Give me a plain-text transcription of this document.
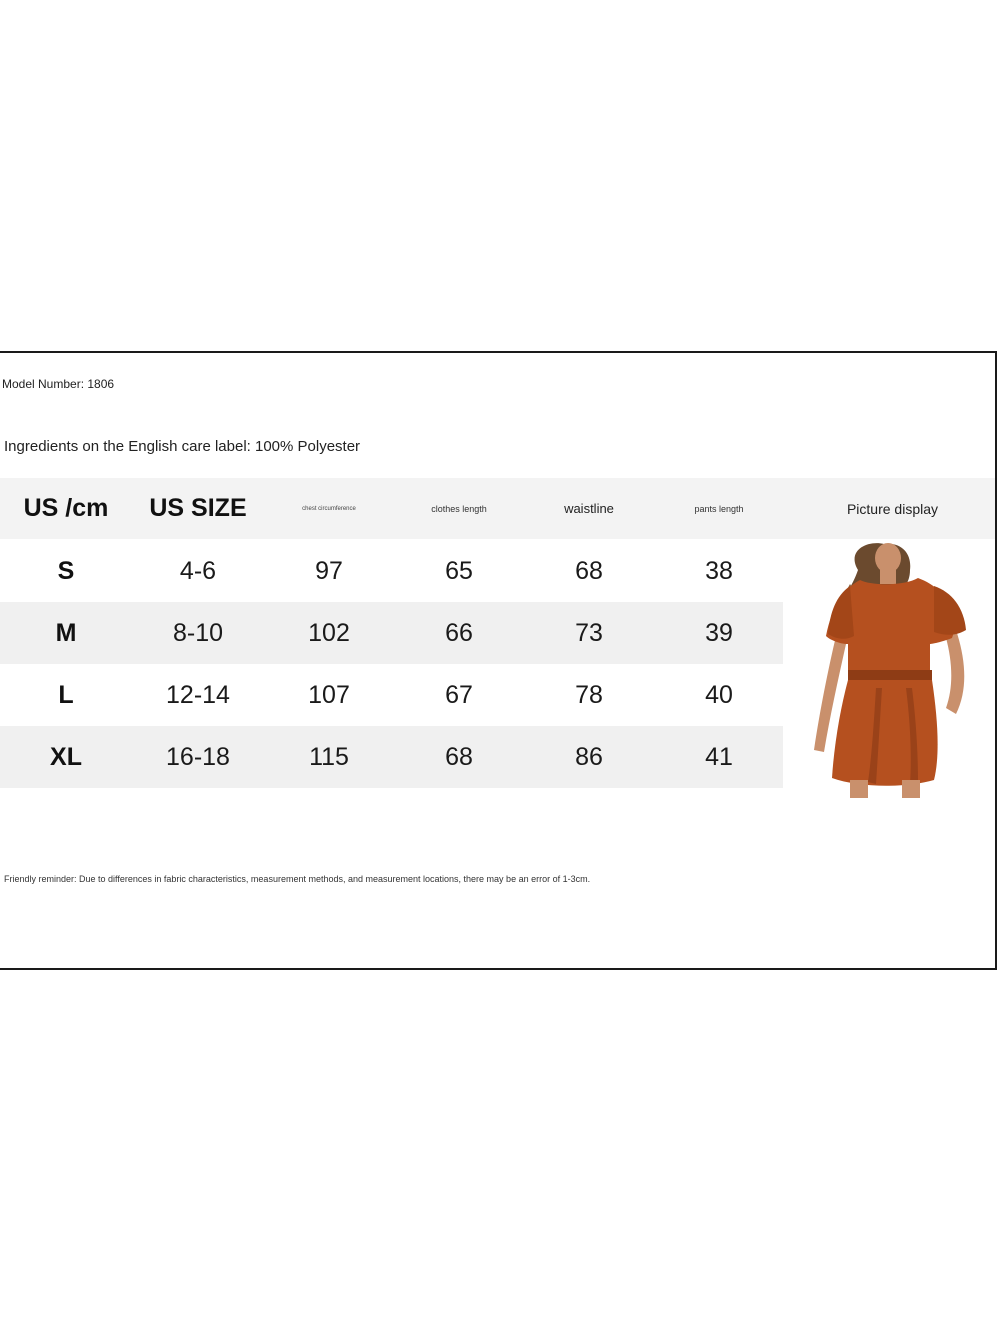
Model Number: 1806
Ingredients on the English care label: 100% Polyester
US /cm	US SIZE	chest circumference	clothes length	waistline	pants length	Picture display
S	4-6	97	65	68	38
M	8-10	102	66	73	39
L	12-14	107	67	78	40
XL	16-18	115	68	86	41
Friendly reminder: Due to differences in fabric characteristics, measurement methods, and measurement locations, there may be an error of 1-3cm.
